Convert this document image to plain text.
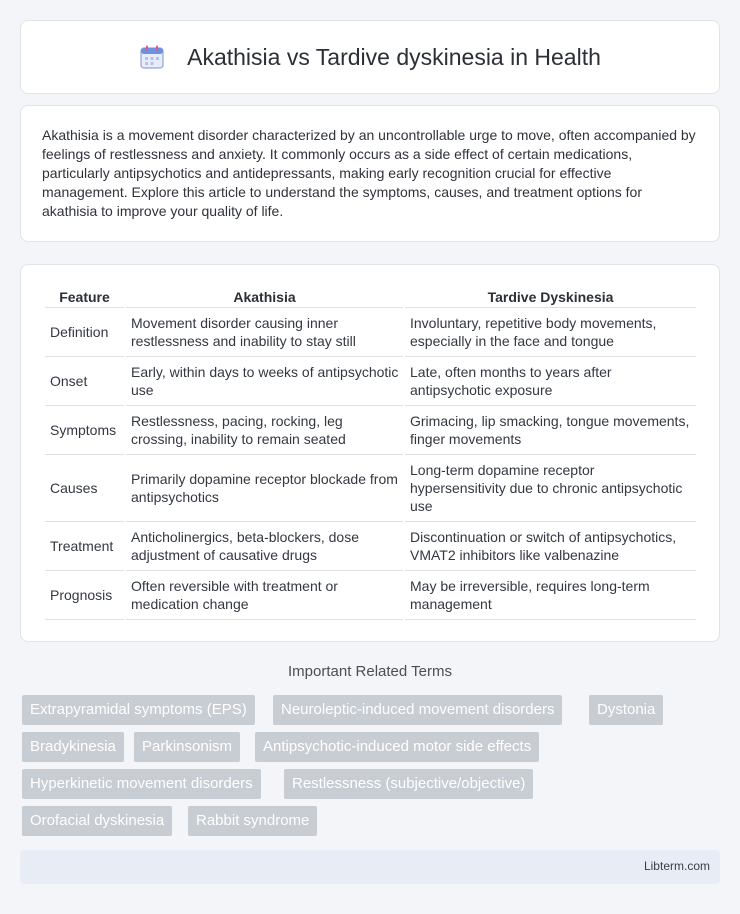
Akathisia vs Tardive dyskinesia in Health

Akathisia is a movement disorder characterized by an uncontrollable urge to move, often accompanied by feelings of restlessness and anxiety. It commonly occurs as a side effect of certain medications, particularly antipsychotics and antidepressants, making early recognition crucial for effective management. Explore this article to understand the symptoms, causes, and treatment options for akathisia to improve your quality of life.

Feature	Akathisia	Tardive Dyskinesia
Definition	Movement disorder causing inner restlessness and inability to stay still	Involuntary, repetitive body movements, especially in the face and tongue
Onset	Early, within days to weeks of antipsychotic use	Late, often months to years after antipsychotic exposure
Symptoms	Restlessness, pacing, rocking, leg crossing, inability to remain seated	Grimacing, lip smacking, tongue movements, finger movements
Causes	Primarily dopamine receptor blockade from antipsychotics	Long-term dopamine receptor hypersensitivity due to chronic antipsychotic use
Treatment	Anticholinergics, beta-blockers, dose adjustment of causative drugs	Discontinuation or switch of antipsychotics, VMAT2 inhibitors like valbenazine
Prognosis	Often reversible with treatment or medication change	May be irreversible, requires long-term management
Important Related Terms
Extrapyramidal symptoms (EPS)	Neuroleptic-induced movement disorders	Dystonia
Bradykinesia	Parkinsonism	Antipsychotic-induced motor side effects
Hyperkinetic movement disorders	Restlessness (subjective/objective)
Orofacial dyskinesia	Rabbit syndrome
Libterm.com
